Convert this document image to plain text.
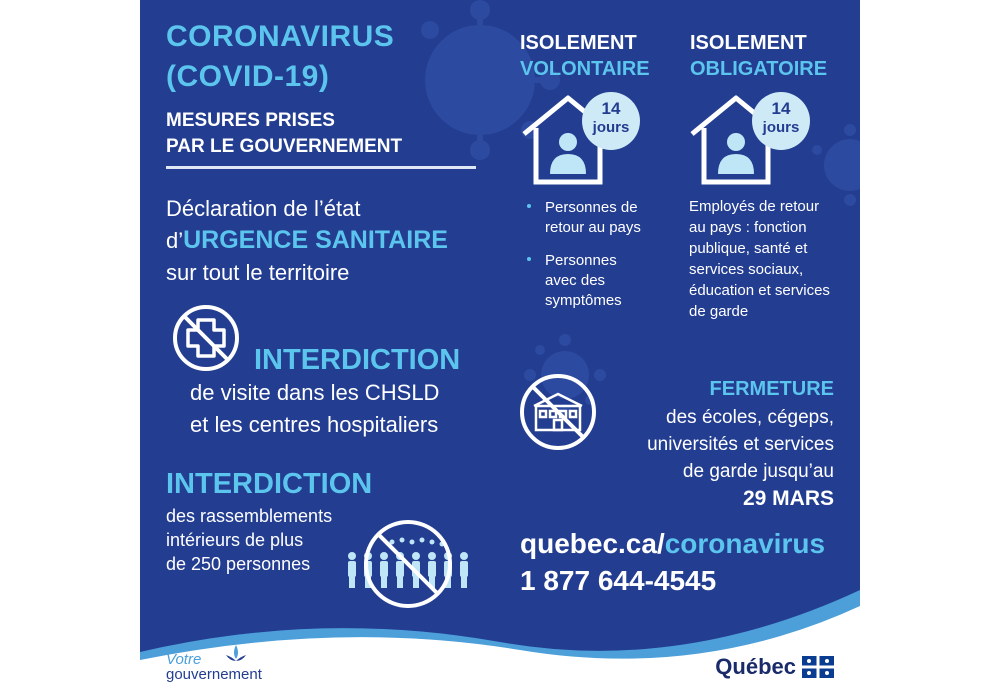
CORONAVIRUS
(COVID-19)
MESURES PRISES
PAR LE GOUVERNEMENT
Déclaration de l’état
d’URGENCE SANITAIRE
sur tout le territoire
INTERDICTION
de visite dans les CHSLD
et les centres hospitaliers
INTERDICTION
des rassemblements
intérieurs de plus
de 250 personnes
ISOLEMENT
VOLONTAIRE
14
jours
Personnes de
retour au pays
Personnes
avec des
symptômes
ISOLEMENT
OBLIGATOIRE
14
jours
Employés de retour
au pays : fonction
publique, santé et
services sociaux,
éducation et services
de garde
FERMETURE
des écoles, cégeps,
universités et services
de garde jusqu’au
29 MARS
quebec.ca/coronavirus
1 877 644-4545
Votre
gouvernement	Québec
